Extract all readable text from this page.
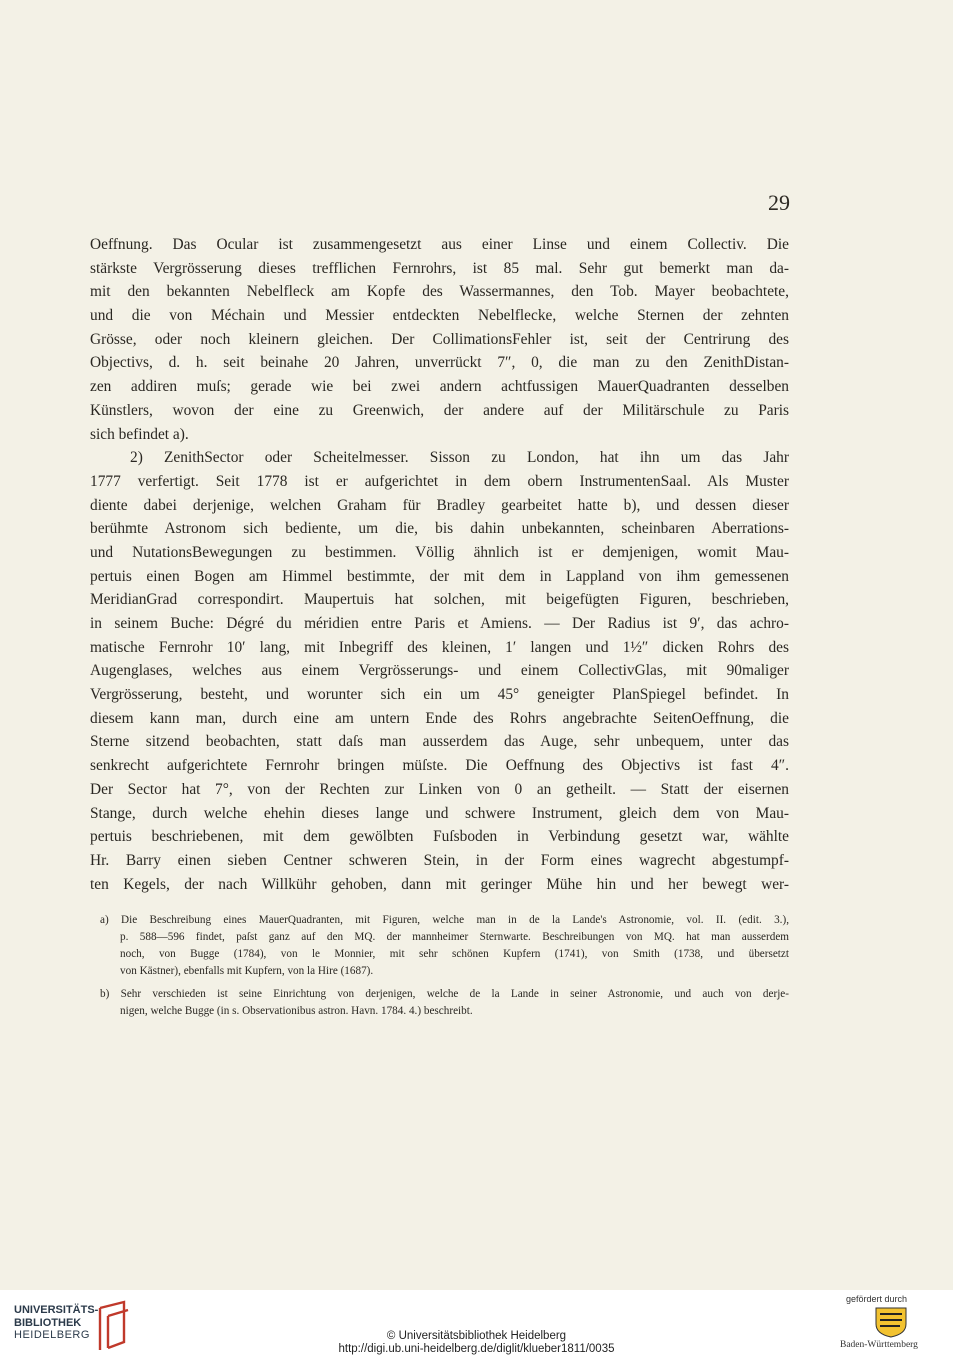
29
Oeffnung. Das Ocular ist zusammengesetzt aus einer Linse und einem Collectiv. Die
stärkste Vergrösserung dieses trefflichen Fernrohrs, ist 85 mal. Sehr gut bemerkt man da-
mit den bekannten Nebelfleck am Kopfe des Wassermannes, den Tob. Mayer beobachtete,
und die von Méchain und Messier entdeckten Nebelflecke, welche Sternen der zehnten
Grösse, oder noch kleinern gleichen. Der CollimationsFehler ist, seit der Centrirung des
Objectivs, d. h. seit beinahe 20 Jahren, unverrückt 7″, 0, die man zu den ZenithDistan-
zen addiren muſs; gerade wie bei zwei andern achtfussigen MauerQuadranten desselben
Künstlers, wovon der eine zu Greenwich, der andere auf der Militärschule zu Paris
sich befindet a).
2) ZenithSector oder Scheitelmesser. Sisson zu London, hat ihn um das Jahr
1777 verfertigt. Seit 1778 ist er aufgerichtet in dem obern InstrumentenSaal. Als Muster
diente dabei derjenige, welchen Graham für Bradley gearbeitet hatte b), und dessen dieser
berühmte Astronom sich bediente, um die, bis dahin unbekannten, scheinbaren Aberrations-
und NutationsBewegungen zu bestimmen. Völlig ähnlich ist er demjenigen, womit Mau-
pertuis einen Bogen am Himmel bestimmte, der mit dem in Lappland von ihm gemessenen
MeridianGrad correspondirt. Maupertuis hat solchen, mit beigefügten Figuren, beschrieben,
in seinem Buche: Dégré du méridien entre Paris et Amiens. — Der Radius ist 9′, das achro-
matische Fernrohr 10′ lang, mit Inbegriff des kleinen, 1′ langen und 1½″ dicken Rohrs des
Augenglases, welches aus einem Vergrösserungs- und einem CollectivGlas, mit 90maliger
Vergrösserung, besteht, und worunter sich ein um 45° geneigter PlanSpiegel befindet. In
diesem kann man, durch eine am untern Ende des Rohrs angebrachte SeitenOeffnung, die
Sterne sitzend beobachten, statt daſs man ausserdem das Auge, sehr unbequem, unter das
senkrecht aufgerichtete Fernrohr bringen müſste. Die Oeffnung des Objectivs ist fast 4″.
Der Sector hat 7°, von der Rechten zur Linken von 0 an getheilt. — Statt der eisernen
Stange, durch welche ehehin dieses lange und schwere Instrument, gleich dem von Mau-
pertuis beschriebenen, mit dem gewölbten Fuſsboden in Verbindung gesetzt war, wählte
Hr. Barry einen sieben Centner schweren Stein, in der Form eines wagrecht abgestumpf-
ten Kegels, der nach Willkühr gehoben, dann mit geringer Mühe hin und her bewegt wer-
a) Die Beschreibung eines MauerQuadranten, mit Figuren, welche man in de la Lande's Astronomie, vol. II. (edit. 3.),
p. 588—596 findet, paſst ganz auf den MQ. der mannheimer Sternwarte. Beschreibungen von MQ. hat man ausserdem
noch, von Bugge (1784), von le Monnier, mit sehr schönen Kupfern (1741), von Smith (1738, und übersetzt
von Kästner), ebenfalls mit Kupfern, von la Hire (1687).
b) Sehr verschieden ist seine Einrichtung von derjenigen, welche de la Lande in seiner Astronomie, und auch von derje-
nigen, welche Bugge (in s. Observationibus astron. Havn. 1784. 4.) beschreibt.
UNIVERSITÄTS-
BIBLIOTHEK
HEIDELBERG	© Universitätsbibliothek Heidelberg
http://digi.ub.uni-heidelberg.de/diglit/klueber1811/0035
gefördert durch
Baden-Württemberg
